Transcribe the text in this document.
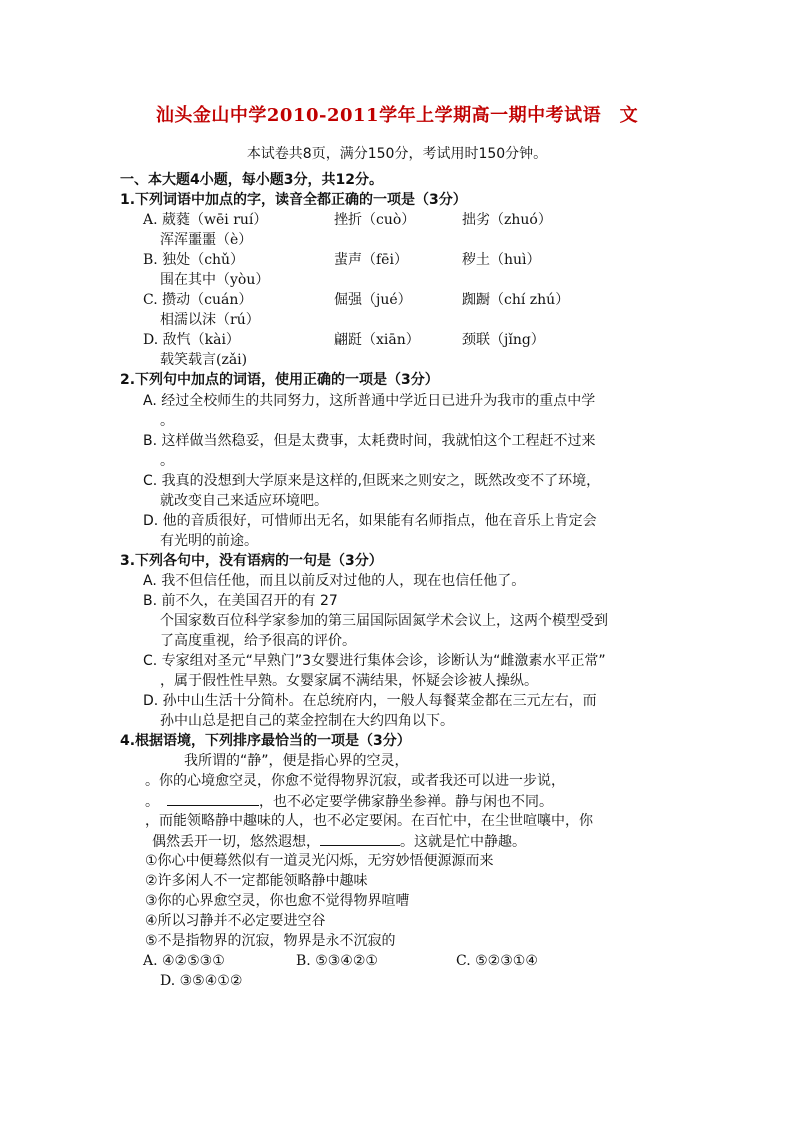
汕头金山中学2010-2011学年上学期高一期中考试语　文
本试卷共8页，满分150分，考试用时150分钟。
一、本大题4小题，每小题3分，共12分。
1.下列词语中加点的字，读音全都正确的一项是（3分）
A. 葳蕤（wēi ruí）	挫折（cuò）	拙劣（zhuó）
浑浑噩噩（è）
B. 独处（chǔ）	蜚声（fēi）	秽土（huì）
围在其中（yòu）
C. 攒动（cuán）	倔强（jué）	踟蹰（chí zhú）
相濡以沫（rú）
D. 敌忾（kài）	翩跹（xiān）	颈联（jǐng）
载笑载言(zǎi)
2.下列句中加点的词语，使用正确的一项是（3分）
A. 经过全校师生的共同努力，这所普通中学近日已进升为我市的重点中学
。
B. 这样做当然稳妥，但是太费事，太耗费时间，我就怕这个工程赶不过来
。
C. 我真的没想到大学原来是这样的,但既来之则安之，既然改变不了环境，
就改变自己来适应环境吧。
D. 他的音质很好，可惜师出无名，如果能有名师指点，他在音乐上肯定会
有光明的前途。
3.下列各句中，没有语病的一句是（3分）
A. 我不但信任他，而且以前反对过他的人，现在也信任他了。
B. 前不久，在美国召开的有 27
个国家数百位科学家参加的第三届国际固氮学术会议上，这两个模型受到
了高度重视，给予很高的评价。
C. 专家组对圣元“早熟门”3女婴进行集体会诊，诊断认为“雌激素水平正常”
，属于假性性早熟。女婴家属不满结果，怀疑会诊被人操纵。
D. 孙中山生活十分简朴。在总统府内，一般人每餐菜金都在三元左右，而
孙中山总是把自己的菜金控制在大约四角以下。
4.根据语境，下列排序最恰当的一项是（3分）
我所谓的“静”，便是指心界的空灵，
。你的心境愈空灵，你愈不觉得物界沉寂，或者我还可以进一步说，
。	，也不必定要学佛家静坐参禅。静与闲也不同。
，而能领略静中趣味的人，也不必定要闲。在百忙中，在尘世喧嚷中，你
偶然丢开一切，悠然遐想，	。这就是忙中静趣。
①你心中便蓦然似有一道灵光闪烁，无穷妙悟便源源而来
②许多闲人不一定都能领略静中趣味
③你的心界愈空灵，你也愈不觉得物界喧嘈
④所以习静并不必定要进空谷
⑤不是指物界的沉寂，物界是永不沉寂的
A. ④②⑤③①	B. ⑤③④②①	C. ⑤②③①④
D. ③⑤④①②
